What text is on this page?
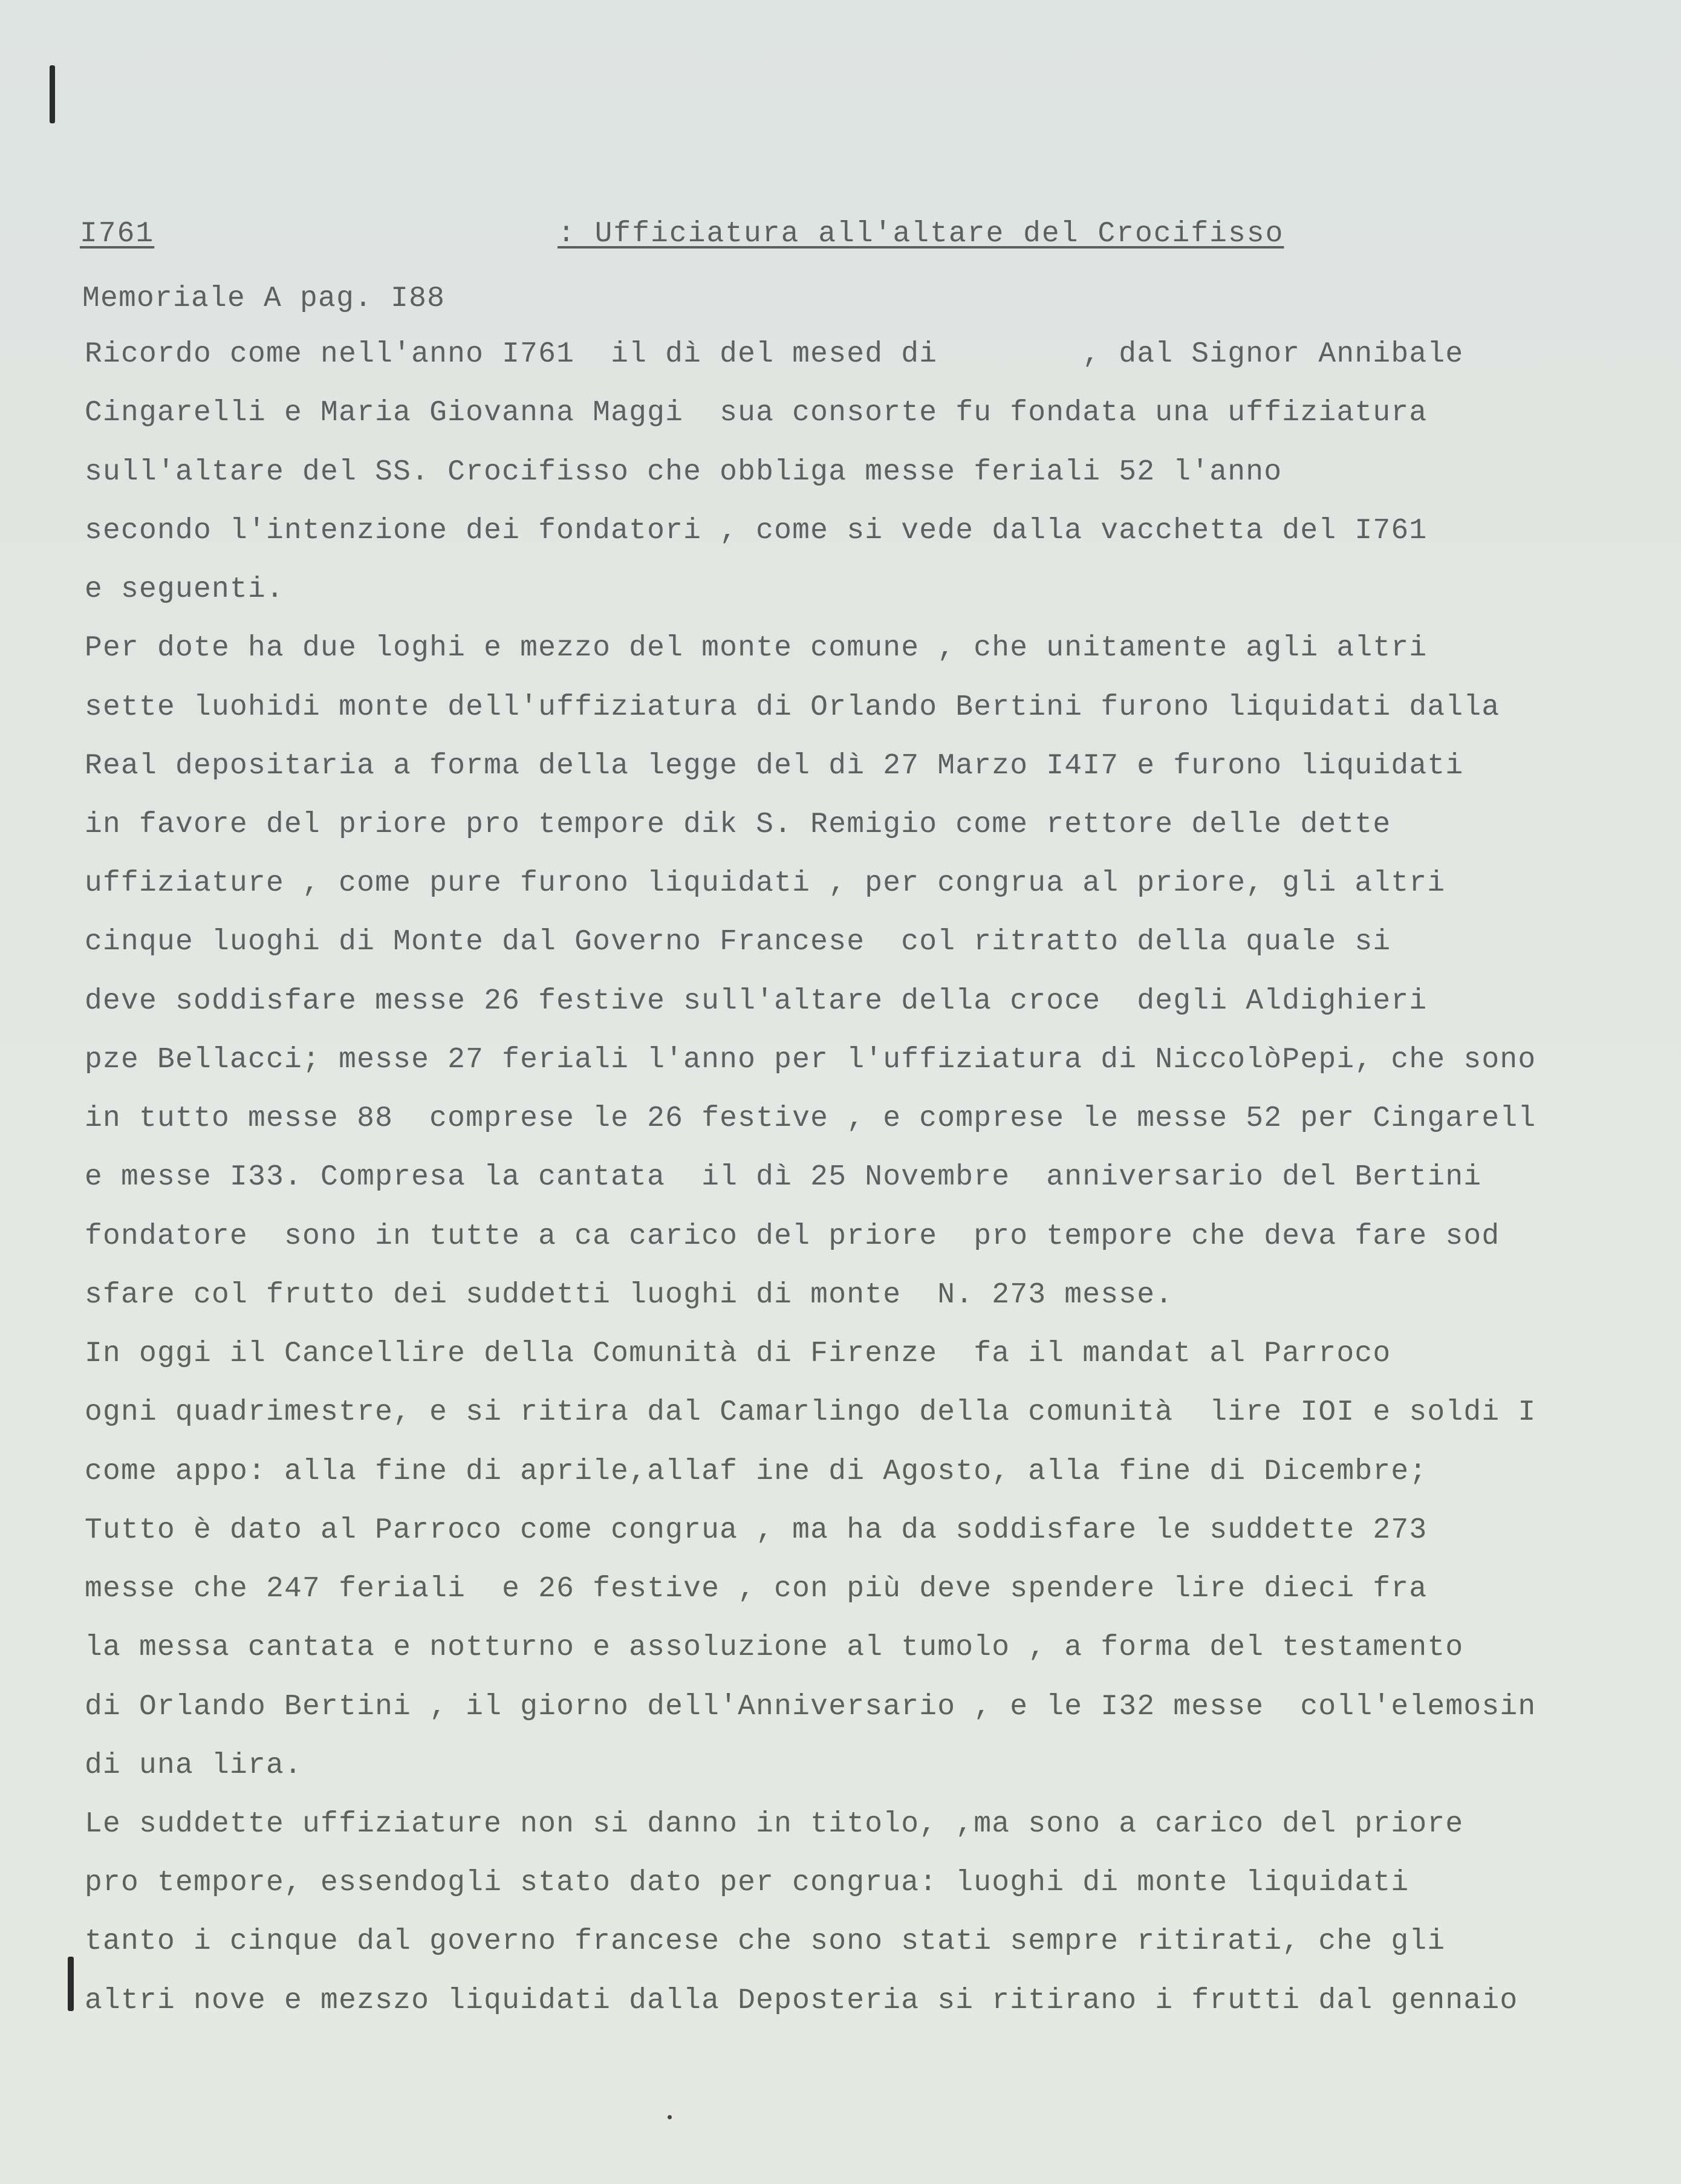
I761	: Ufficiatura all'altare del Crocifisso
Memoriale A pag. I88
Ricordo come nell'anno I761  il dì del mesed di        , dal Signor Annibale
Cingarelli e Maria Giovanna Maggi  sua consorte fu fondata una uffiziatura
sull'altare del SS. Crocifisso che obbliga messe feriali 52 l'anno
secondo l'intenzione dei fondatori , come si vede dalla vacchetta del I761
e seguenti.
Per dote ha due loghi e mezzo del monte comune , che unitamente agli altri
sette luohidi monte dell'uffiziatura di Orlando Bertini furono liquidati dalla
Real depositaria a forma della legge del dì 27 Marzo I4I7 e furono liquidati
in favore del priore pro tempore dik S. Remigio come rettore delle dette
uffiziature , come pure furono liquidati , per congrua al priore, gli altri
cinque luoghi di Monte dal Governo Francese  col ritratto della quale si
deve soddisfare messe 26 festive sull'altare della croce  degli Aldighieri
pze Bellacci; messe 27 feriali l'anno per l'uffiziatura di NiccolòPepi, che sono
in tutto messe 88  comprese le 26 festive , e comprese le messe 52 per Cingarell
e messe I33. Compresa la cantata  il dì 25 Novembre  anniversario del Bertini
fondatore  sono in tutte a ca carico del priore  pro tempore che deva fare sod
sfare col frutto dei suddetti luoghi di monte  N. 273 messe.
In oggi il Cancellire della Comunità di Firenze  fa il mandat al Parroco
ogni quadrimestre, e si ritira dal Camarlingo della comunità  lire IOI e soldi I
come appo: alla fine di aprile,allaf ine di Agosto, alla fine di Dicembre;
Tutto è dato al Parroco come congrua , ma ha da soddisfare le suddette 273
messe che 247 feriali  e 26 festive , con più deve spendere lire dieci fra
la messa cantata e notturno e assoluzione al tumolo , a forma del testamento
di Orlando Bertini , il giorno dell'Anniversario , e le I32 messe  coll'elemosin
di una lira.
Le suddette uffiziature non si danno in titolo, ,ma sono a carico del priore
pro tempore, essendogli stato dato per congrua: luoghi di monte liquidati
tanto i cinque dal governo francese che sono stati sempre ritirati, che gli
altri nove e mezszo liquidati dalla Deposteria si ritirano i frutti dal gennaio
